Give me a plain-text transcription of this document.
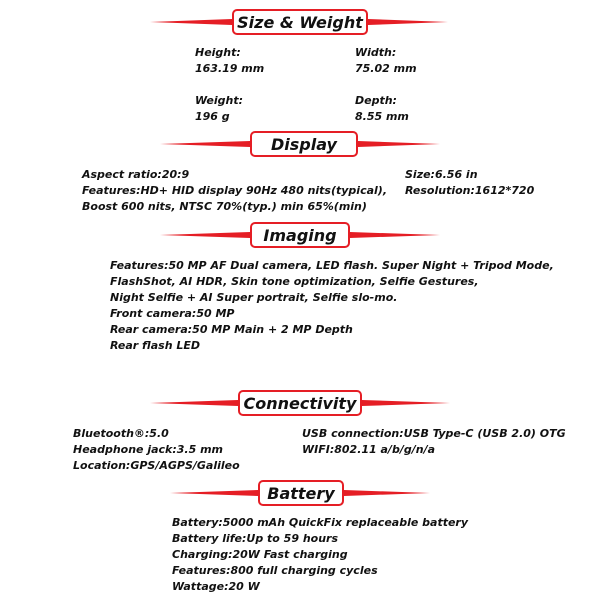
Size & Weight
Height:
163.19 mm
Width:
75.02 mm
Weight:
196 g
Depth:
8.55 mm
Display
Aspect ratio:20:9
Features:HD+ HID display 90Hz 480 nits(typical),
Boost 600 nits, NTSC 70%(typ.) min 65%(min)
Size:6.56 in
Resolution:1612*720
Imaging
Features:50 MP AF Dual camera, LED flash. Super Night + Tripod Mode,
FlashShot, AI HDR, Skin tone optimization, Selfie Gestures,
Night Selfie + AI Super portrait, Selfie slo-mo.
Front camera:50 MP
Rear camera:50 MP Main + 2 MP Depth
Rear flash LED
Connectivity
Bluetooth®:5.0
Headphone jack:3.5 mm
Location:GPS/AGPS/Galileo
USB connection:USB Type-C (USB 2.0) OTG
WIFI:802.11 a/b/g/n/a
Battery
Battery:5000 mAh QuickFix replaceable battery
Battery life:Up to 59 hours
Charging:20W Fast charging
Features:800 full charging cycles
Wattage:20 W
